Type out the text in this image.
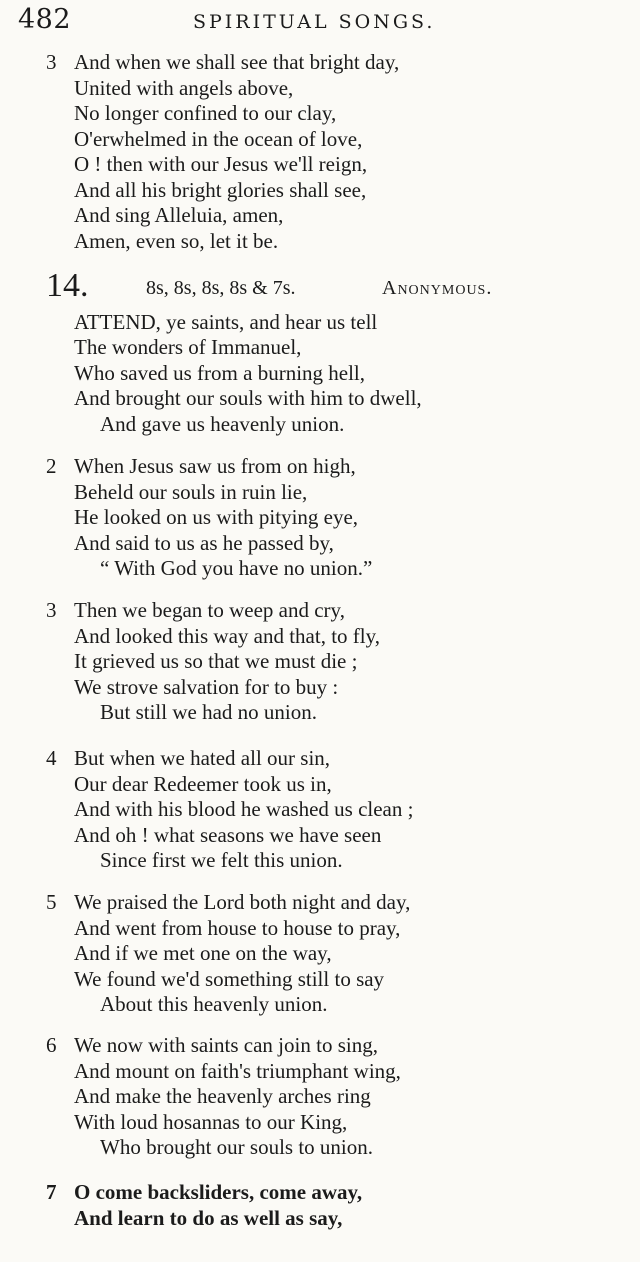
482	SPIRITUAL SONGS.
3 And when we shall see that bright day,
United with angels above,
No longer confined to our clay,
O'erwhelmed in the ocean of love,
O ! then with our Jesus we'll reign,
And all his bright glories shall see,
And sing Alleluia, amen,
Amen, even so, let it be.
14.	8s, 8s, 8s, 8s & 7s.	Anonymous.
ATTEND, ye saints, and hear us tell
The wonders of Immanuel,
Who saved us from a burning hell,
And brought our souls with him to dwell,
And gave us heavenly union.
2 When Jesus saw us from on high,
Beheld our souls in ruin lie,
He looked on us with pitying eye,
And said to us as he passed by,
“ With God you have no union.”
3 Then we began to weep and cry,
And looked this way and that, to fly,
It grieved us so that we must die ;
We strove salvation for to buy :
But still we had no union.
4 But when we hated all our sin,
Our dear Redeemer took us in,
And with his blood he washed us clean ;
And oh ! what seasons we have seen
Since first we felt this union.
5 We praised the Lord both night and day,
And went from house to house to pray,
And if we met one on the way,
We found we'd something still to say
About this heavenly union.
6 We now with saints can join to sing,
And mount on faith's triumphant wing,
And make the heavenly arches ring
With loud hosannas to our King,
Who brought our souls to union.
7 O come backsliders, come away,
And learn to do as well as say,
